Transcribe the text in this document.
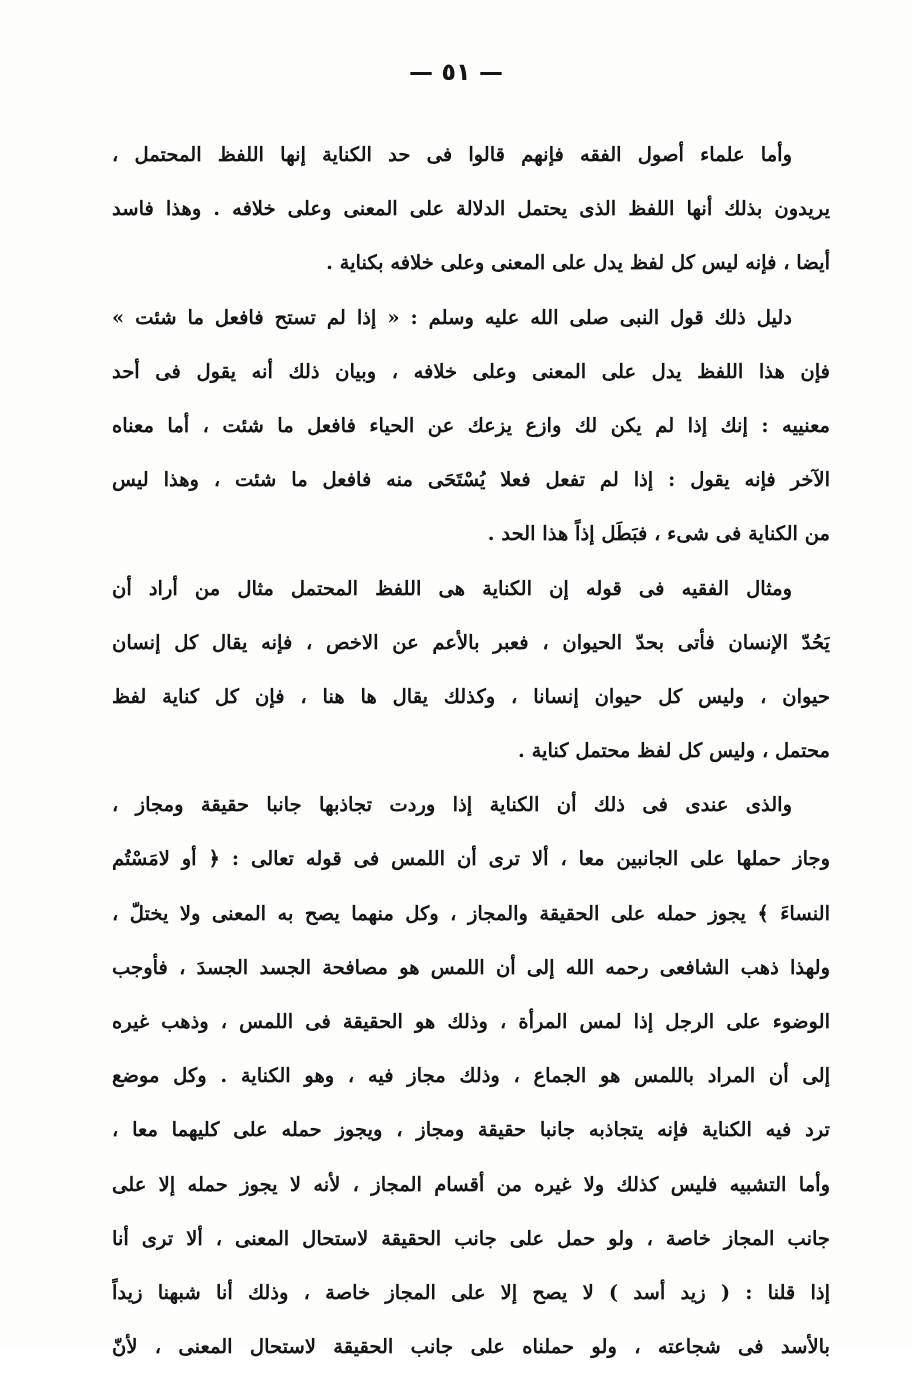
— ٥١ —
وأما علماء أصول الفقه فإنهم قالوا فى حد الكناية إنها اللفظ المحتمل ،
يريدون بذلك أنها اللفظ الذى يحتمل الدلالة على المعنى وعلى خلافه . وهذا فاسد
أيضا ، فإنه ليس كل لفظ يدل على المعنى وعلى خلافه بكناية .
دليل ذلك قول النبى صلى الله عليه وسلم : « إذا لم تستح فافعل ما شئت »
فإن هذا اللفظ يدل على المعنى وعلى خلافه ، وبيان ذلك أنه يقول فى أحد
معنييه : إنك إذا لم يكن لك وازع يزعك عن الحياء فافعل ما شئت ، أما معناه
الآخر فإنه يقول : إذا لم تفعل فعلا يُسْتَحَى منه فافعل ما شئت ، وهذا ليس
من الكناية فى شىء ، فبَطَل إذاً هذا الحد .
ومثال الفقيه فى قوله إن الكناية هى اللفظ المحتمل مثال من أراد أن
يَحُدّ الإنسان فأتى بحدّ الحيوان ، فعبر بالأعم عن الاخص ، فإنه يقال كل إنسان
حيوان ، وليس كل حيوان إنسانا ، وكذلك يقال ها هنا ، فإن كل كناية لفظ
محتمل ، وليس كل لفظ محتمل كناية .
والذى عندى فى ذلك أن الكناية إذا وردت تجاذبها جانبا حقيقة ومجاز ،
وجاز حملها على الجانبين معا ، ألا ترى أن اللمس فى قوله تعالى : ﴿ أو لامَسْتُم
النساءَ ﴾ يجوز حمله على الحقيقة والمجاز ، وكل منهما يصح به المعنى ولا يختلّ ،
ولهذا ذهب الشافعى رحمه الله إلى أن اللمس هو مصافحة الجسد الجسدَ ، فأوجب
الوضوء على الرجل إذا لمس المرأة ، وذلك هو الحقيقة فى اللمس ، وذهب غيره
إلى أن المراد باللمس هو الجماع ، وذلك مجاز فيه ، وهو الكناية . وكل موضع
ترد فيه الكناية فإنه يتجاذبه جانبا حقيقة ومجاز ، ويجوز حمله على كليهما معا ،
وأما التشبيه فليس كذلك ولا غيره من أقسام المجاز ، لأنه لا يجوز حمله إلا على
جانب المجاز خاصة ، ولو حمل على جانب الحقيقة لاستحال المعنى ، ألا ترى أنا
إذا قلنا : ( زيد أسد ) لا يصح إلا على المجاز خاصة ، وذلك أنا شبهنا زيداً
بالأسد فى شجاعته ، ولو حملناه على جانب الحقيقة لاستحال المعنى ، لأنّ
